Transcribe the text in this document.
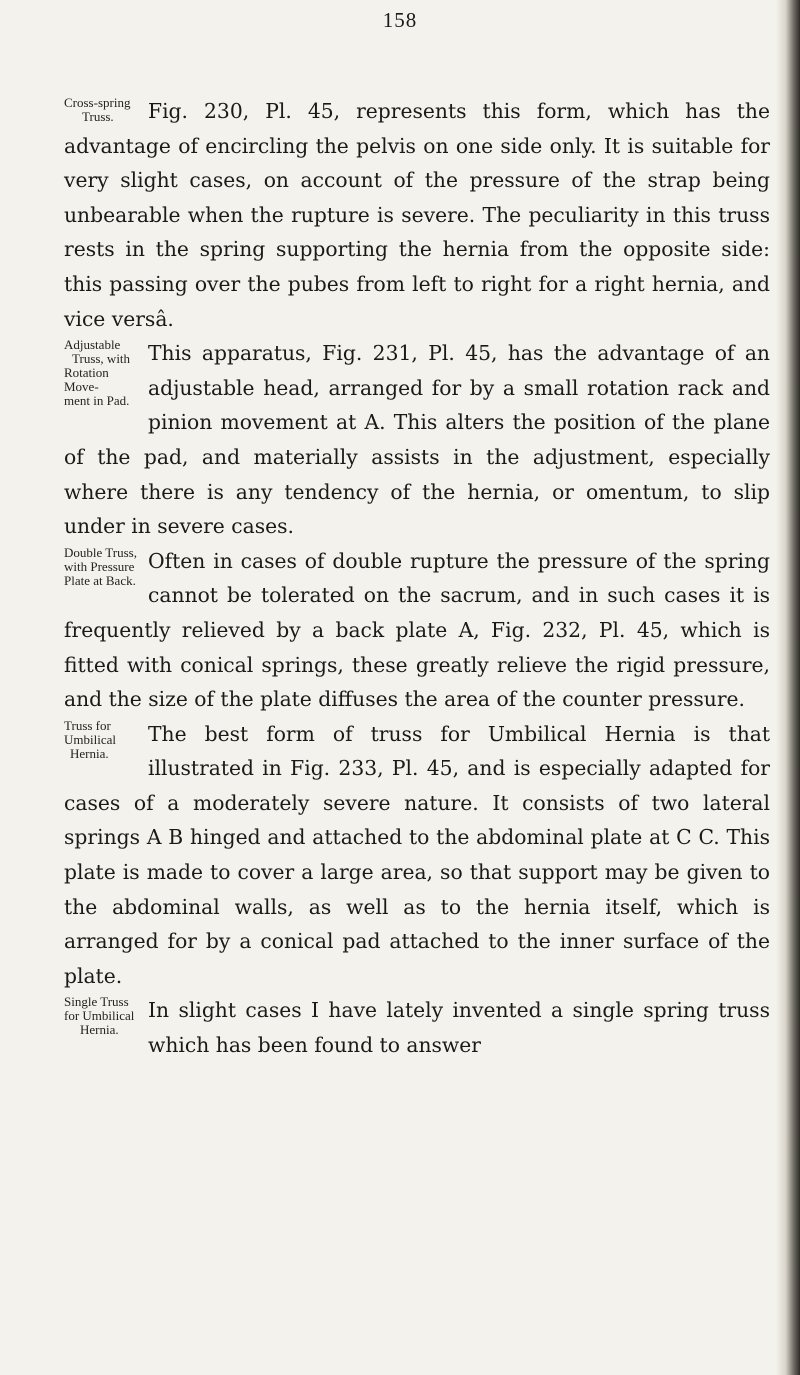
158
Cross-spring
Truss.	Fig. 230, Pl. 45, represents this form, which has the advantage of encircling the pelvis on one side only. It is suitable for very slight cases, on account of the pressure of the strap being unbearable when the rupture is severe. The peculiarity in this truss rests in the spring supporting the hernia from the opposite side: this passing over the pubes from left to right for a right hernia, and vice versâ.

Adjustable
Truss, with
Rotation Move-
ment in Pad.

This apparatus, Fig. 231, Pl. 45, has the advantage of an adjustable head, arranged for by a small rotation rack and pinion movement at A. This alters the position of the plane of the pad, and materially assists in the adjustment, especially where there is any tendency of the hernia, or omentum, to slip under in severe cases.

Double Truss,
with Pressure
Plate at Back.

Often in cases of double rupture the pressure of the spring cannot be tolerated on the sacrum, and in such cases it is frequently relieved by a back plate A, Fig. 232, Pl. 45, which is fitted with conical springs, these greatly relieve the rigid pressure, and the size of the plate diffuses the area of the counter pressure.

Truss for
Umbilical
Hernia.

The best form of truss for Umbilical Hernia is that illustrated in Fig. 233, Pl. 45, and is especially adapted for cases of a moderately severe nature. It consists of two lateral springs A B hinged and attached to the abdominal plate at C C. This plate is made to cover a large area, so that support may be given to the abdominal walls, as well as to the hernia itself, which is arranged for by a conical pad attached to the inner surface of the plate.

Single Truss
for Umbilical
Hernia.

In slight cases I have lately invented a single spring truss which has been found to answer
